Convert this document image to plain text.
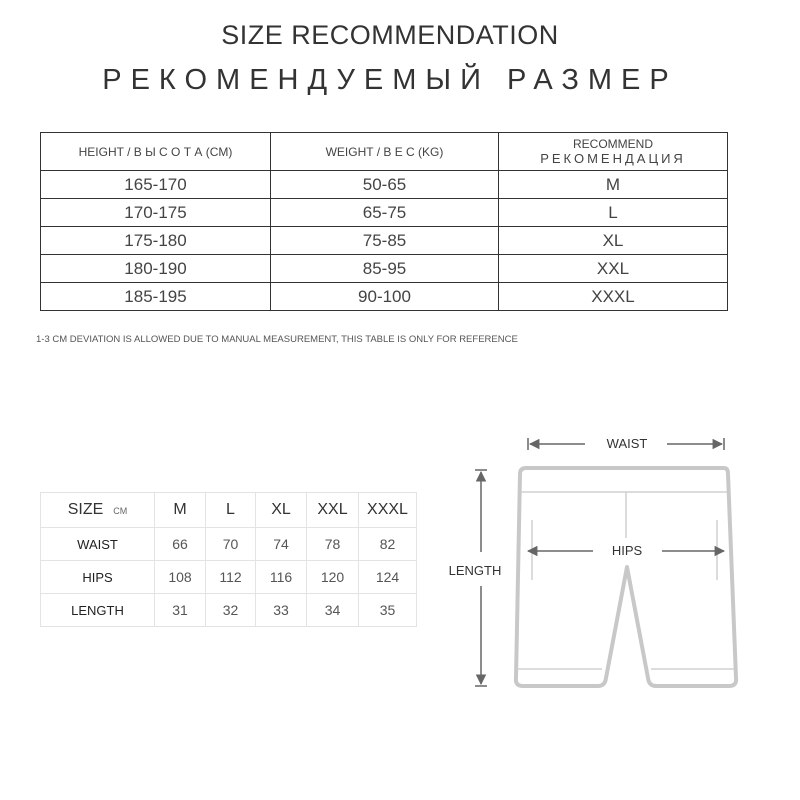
SIZE RECOMMENDATION
РЕКОМЕНДУЕМЫЙ РАЗМЕР
HEIGHT / В Ы С О Т А (CM)	WEIGHT / В Е С (KG)	RECOMMEND
РЕКОМЕНДАЦИЯ

165-170	50-65	M
170-175	65-75	L
175-180	75-85	XL
180-190	85-95	XXL
185-195	90-100	XXXL
1-3 CM DEVIATION IS ALLOWED DUE TO MANUAL MEASUREMENT, THIS TABLE IS ONLY FOR REFERENCE
SIZE CM	M	L	XL	XXL	XXXL
WAIST	66	70	74	78	82
HIPS	108	112	116	120	124
LENGTH	31	32	33	34	35
WAIST
HIPS
LENGTH
